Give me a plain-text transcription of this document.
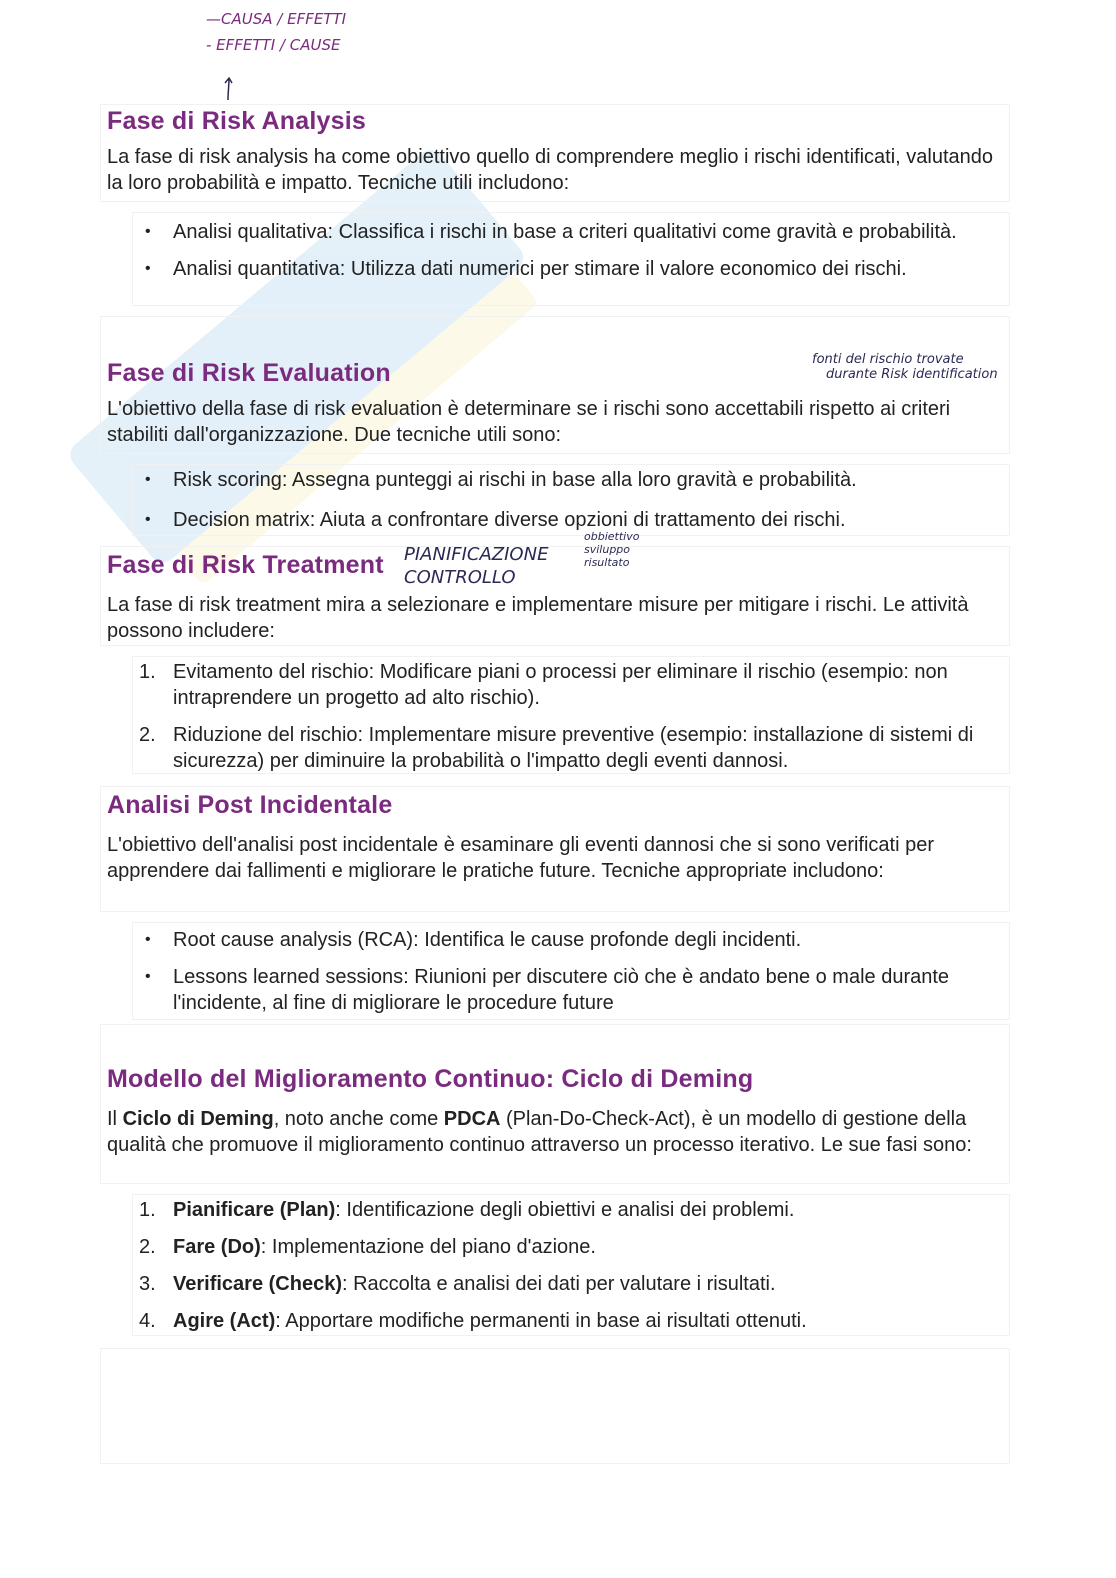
—CAUSA / EFFETTI
- EFFETTI / CAUSE
Fase di Risk Analysis

La fase di risk analysis ha come obiettivo quello di comprendere meglio i rischi identificati, valutando la loro probabilità e impatto. Tecniche utili includono:

• Analisi qualitativa: Classifica i rischi in base a criteri qualitativi come gravità e probabilità.
• Analisi quantitativa: Utilizza dati numerici per stimare il valore economico dei rischi.
Fase di Risk Evaluation

L'obiettivo della fase di risk evaluation è determinare se i rischi sono accettabili rispetto ai criteri stabiliti dall'organizzazione. Due tecniche utili sono:

• Risk scoring: Assegna punteggi ai rischi in base alla loro gravità e probabilità.
• Decision matrix: Aiuta a confrontare diverse opzioni di trattamento dei rischi.
fonti del rischio trovate
durante Risk identification
Fase di Risk Treatment

La fase di risk treatment mira a selezionare e implementare misure per mitigare i rischi. Le attività possono includere:

1. Evitamento del rischio: Modificare piani o processi per eliminare il rischio (esempio: non intraprendere un progetto ad alto rischio).
2. Riduzione del rischio: Implementare misure preventive (esempio: installazione di sistemi di sicurezza) per diminuire la probabilità o l'impatto degli eventi dannosi.
PIANIFICAZIONE
CONTROLLO
obbiettivo
sviluppo
risultato
Analisi Post Incidentale

L'obiettivo dell'analisi post incidentale è esaminare gli eventi dannosi che si sono verificati per apprendere dai fallimenti e migliorare le pratiche future. Tecniche appropriate includono:

• Root cause analysis (RCA): Identifica le cause profonde degli incidenti.
• Lessons learned sessions: Riunioni per discutere ciò che è andato bene o male durante l'incidente, al fine di migliorare le procedure future
Modello del Miglioramento Continuo: Ciclo di Deming

Il Ciclo di Deming, noto anche come PDCA (Plan-Do-Check-Act), è un modello di gestione della qualità che promuove il miglioramento continuo attraverso un processo iterativo. Le sue fasi sono:

1. Pianificare (Plan): Identificazione degli obiettivi e analisi dei problemi.
2. Fare (Do): Implementazione del piano d'azione.
3. Verificare (Check): Raccolta e analisi dei dati per valutare i risultati.
4. Agire (Act): Apportare modifiche permanenti in base ai risultati ottenuti.
